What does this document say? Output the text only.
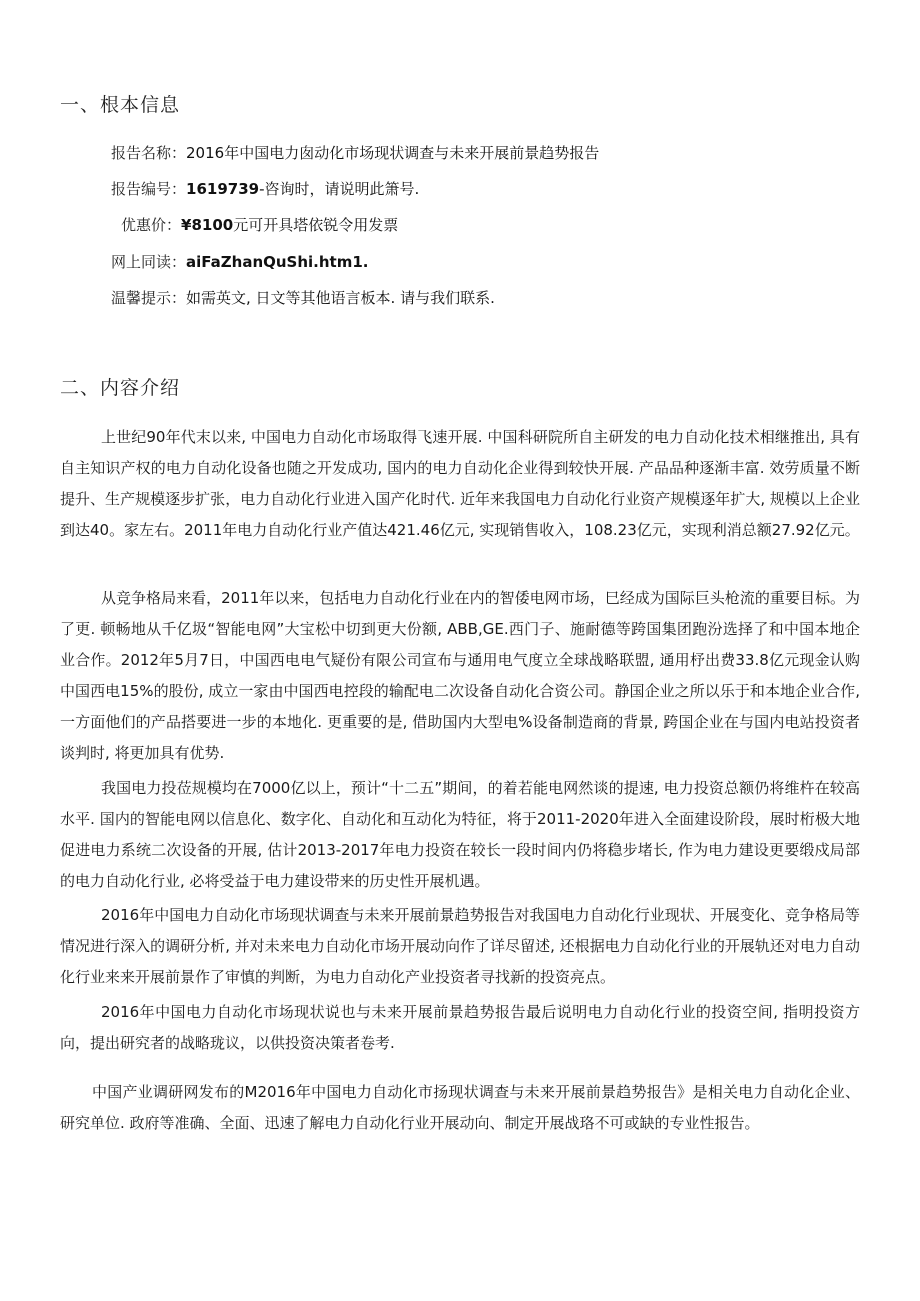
一、根本信息

报告名称：2016年中国电力囱动化市场现状调查与未来开展前景趋势报告

报告编号：1619739-咨询时，请说明此箫号.

优惠价：¥8100元可开具塔依锐令用发票

网上同读：aiFaZhanQuShi.htm1.

温馨提示：如需英文, 日文等其他语言板本. 请与我们联系.

二、内容介绍

上世纪90年代末以来, 中国电力自动化市场取得飞速开展. 中国科研院所自主研发的电力自动化技术相继推出, 具有自主知识产权的电力自动化设备也随之开发成功, 国内的电力自动化企业得到较快开展. 产品品种逐渐丰富. 效劳质量不断提升、生产规模逐步扩张，电力自动化行业进入国产化时代. 近年来我国电力自动化行业资产规模逐年扩大, 规模以上企业到达40。家左右。2011年电力自动化行业产值达421.46亿元, 实现销售收入，108.23亿元，实现利消总额27.92亿元。

从竞争格局来看，2011年以来，包括电力自动化行业在内的智倭电网市场，巳经成为国际巨头枪流的重要目标。为了更. 顿畅地从千亿圾“智能电网”大宝松中切到更大份额, ABB,GE.西门子、施耐德等跨国集团跑汾选择了和中国本地企业合作。2012年5月7日，中国西电电气疑份有限公司宣布与通用电气度立全球战略联盟, 通用杼出费33.8亿元现金认购中国西电15%的股份, 成立一家由中国西电控段的输配电二次设备自动化合资公司。静国企业之所以乐于和本地企业合作, 一方面他们的产品搭要进一步的本地化. 更重要的是, 借助国内大型电%设备制造商的背景, 跨国企业在与国内电站投资者谈判时, 将更加具有优势.

我国电力投莅规模均在7000亿以上，预计“十二五”期间，的着若能电网然谈的提速, 电力投资总额仍将维杵在较高水平. 国内的智能电网以信息化、数字化、自动化和互动化为特征，将于2011-2020年进入全面建设阶段，展时桁极大地促进电力系统二次设备的开展, 估计2013-2017年电力投资在较长一段时间内仍将稳步堵长, 作为电力建设更要缎戍局部的电力自动化行业, 必将受益于电力建设带来的历史性开展机遇。

2016年中国电力自动化市场现状调查与未来开展前景趋势报告对我国电力自动化行业现状、开展变化、竞争格局等情况进行深入的调研分析, 并对未来电力自动化市场开展动向作了详尽留述, 还根据电力自动化行业的开展轨还对电力自动化行业来来开展前景作了审慎的判断，为电力自动化产业投资者寻找新的投资亮点。

2016年中国电力自动化市场现状说也与未来开展前景趋势报告最后说明电力自动化行业的投资空间, 指明投资方向，提出研究者的战略珑议，以供投资决策者卷考.

中国产业调研网发布的M2016年中国电力自动化市扬现状调查与未来开展前景趋势报告》是相关电力自动化企业、研究单位. 政府等准确、全面、迅速了解电力自动化行业开展动向、制定开展战珞不可或缺的专业性报告。
